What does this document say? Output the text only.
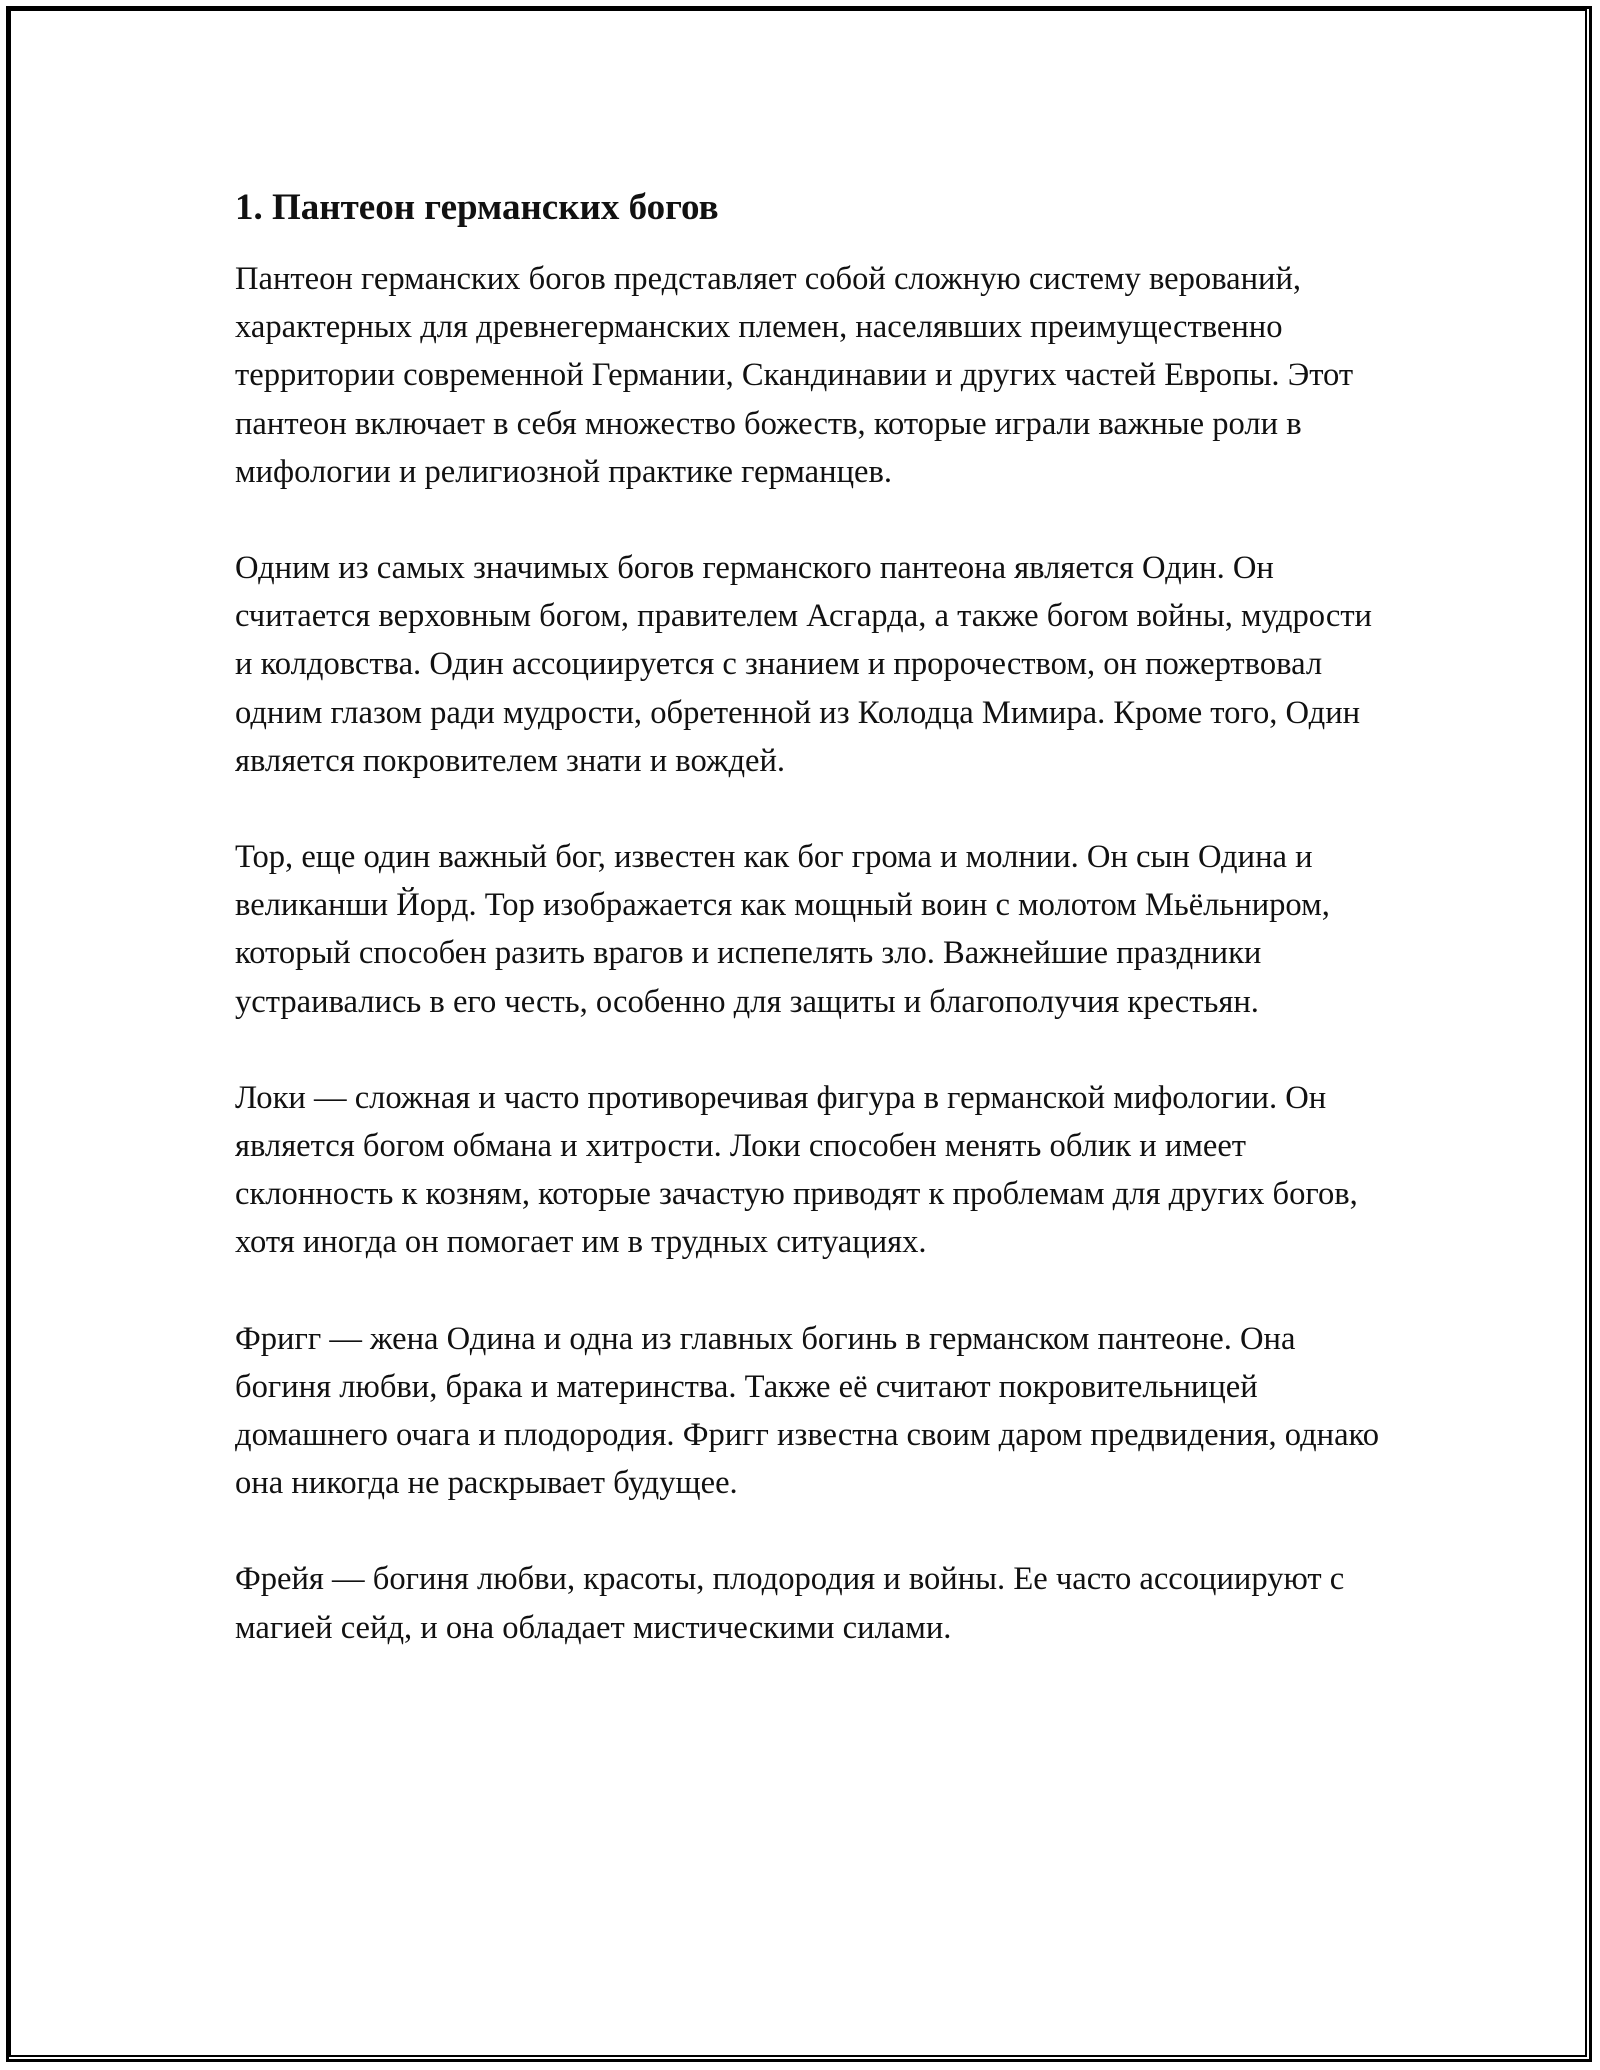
1. Пантеон германских богов

Пантеон германских богов представляет собой сложную систему верований, характерных для древнегерманских племен, населявших преимущественно территории современной Германии, Скандинавии и других частей Европы. Этот пантеон включает в себя множество божеств, которые играли важные роли в мифологии и религиозной практике германцев.

Одним из самых значимых богов германского пантеона является Один. Он считается верховным богом, правителем Асгарда, а также богом войны, мудрости и колдовства. Один ассоциируется с знанием и пророчеством, он пожертвовал одним глазом ради мудрости, обретенной из Колодца Мимира. Кроме того, Один является покровителем знати и вождей.

Тор, еще один важный бог, известен как бог грома и молнии. Он сын Одина и великанши Йорд. Тор изображается как мощный воин с молотом Мьёльниром, который способен разить врагов и испепелять зло. Важнейшие праздники устраивались в его честь, особенно для защиты и благополучия крестьян.

Локи — сложная и часто противоречивая фигура в германской мифологии. Он является богом обмана и хитрости. Локи способен менять облик и имеет склонность к козням, которые зачастую приводят к проблемам для других богов, хотя иногда он помогает им в трудных ситуациях.

Фригг — жена Одина и одна из главных богинь в германском пантеоне. Она богиня любви, брака и материнства. Также её считают покровительницей домашнего очага и плодородия. Фригг известна своим даром предвидения, однако она никогда не раскрывает будущее.

Фрейя — богиня любви, красоты, плодородия и войны. Ее часто ассоциируют с магией сейд, и она обладает мистическими силами.
